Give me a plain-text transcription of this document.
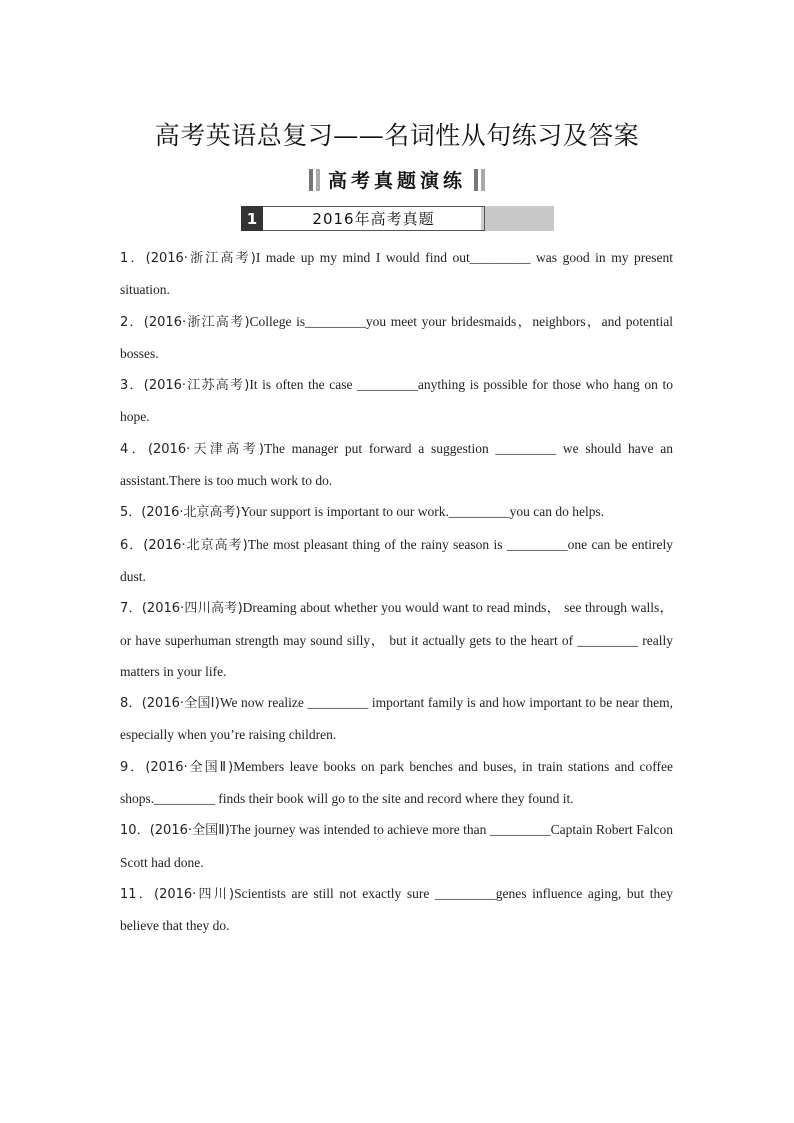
高考英语总复习——名词性从句练习及答案
高考真题演练
1	2016年高考真题

1．(2016·浙江高考)I made up my mind I would find out_________ was good in my present situation.

2．(2016·浙江高考)College is_________you meet your bridesmaids，neighbors，and potential bosses.

3．(2016·江苏高考)It is often the case _________anything is possible for those who hang on to hope.

4．(2016·天津高考)The manager put forward a suggestion _________ we should have an assistant.There is too much work to do.

5．(2016·北京高考)Your support is important to our work._________you can do helps.

6．(2016·北京高考)The most pleasant thing of the rainy season is _________one can be entirely dust.

7．(2016·四川高考)Dreaming about whether you would want to read minds， see through walls， or have superhuman strength may sound silly， but it actually gets to the heart of _________ really matters in your life.

8．(2016·全国Ⅰ)We now realize _________ important family is and how important to be near them, especially when you’re raising children.

9．(2016·全国Ⅱ)Members leave books on park benches and buses, in train stations and coffee shops._________ finds their book will go to the site and record where they found it.

10．(2016·全国Ⅱ)The journey was intended to achieve more than _________Captain Robert Falcon Scott had done.

11．(2016·四川)Scientists are still not exactly sure _________genes influence aging, but they believe that they do.
